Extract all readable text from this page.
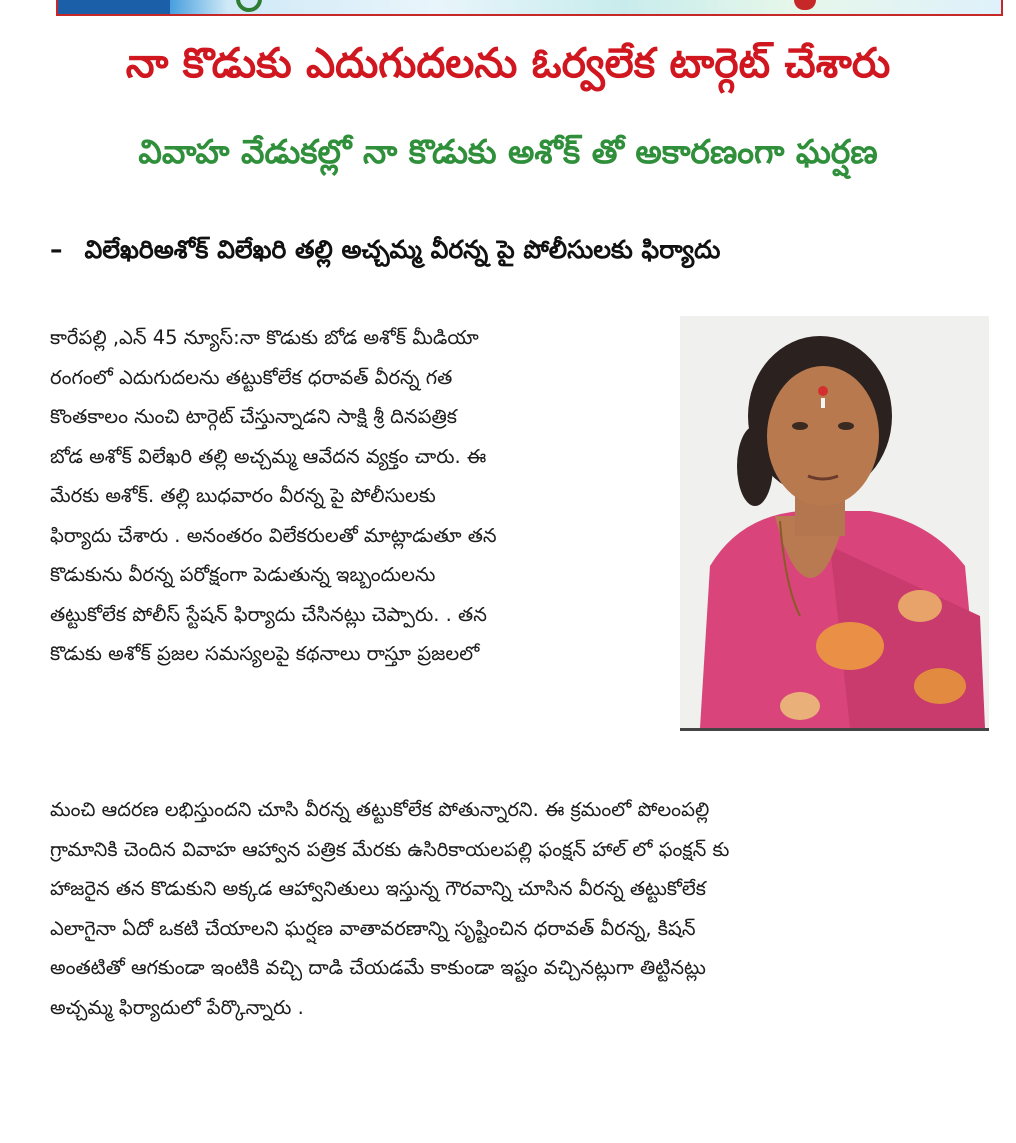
నా కొడుకు ఎదుగుదలను ఓర్వలేక టార్గెట్ చేశారు
వివాహ వేడుకల్లో నా కొడుకు అశోక్ తో అకారణంగా ఘర్షణ

– విలేఖరిఅశోక్ విలేఖరి తల్లి అచ్చమ్మ వీరన్న పై పోలీసులకు ఫిర్యాదు

కారేపల్లి ,ఎన్ 45 న్యూస్:నా కొడుకు బోడ అశోక్ మీడియా
రంగంలో ఎదుగుదలను తట్టుకోలేక ధరావత్ వీరన్న గత
కొంతకాలం నుంచి టార్గెట్ చేస్తున్నాడని సాక్షి శ్రీ దినపత్రిక
బోడ అశోక్ విలేఖరి తల్లి అచ్చమ్మ ఆవేదన వ్యక్తం చారు. ఈ
మేరకు అశోక్. తల్లి బుధవారం వీరన్న పై పోలీసులకు
ఫిర్యాదు చేశారు . అనంతరం విలేకరులతో మాట్లాడుతూ తన
కొడుకును వీరన్న పరోక్షంగా పెడుతున్న ఇబ్బందులను
తట్టుకోలేక పోలీస్ స్టేషన్ ఫిర్యాదు చేసినట్లు చెప్పారు. . తన
కొడుకు అశోక్ ప్రజల సమస్యలపై కథనాలు రాస్తూ ప్రజలలో
మంచి ఆదరణ లభిస్తుందని చూసి వీరన్న తట్టుకోలేక పోతున్నారని. ఈ క్రమంలో పోలంపల్లి
గ్రామానికి చెందిన వివాహ ఆహ్వాన పత్రిక మేరకు ఉసిరికాయలపల్లి ఫంక్షన్ హాల్ లో ఫంక్షన్ కు
హాజరైన తన కొడుకుని అక్కడ ఆహ్వానితులు ఇస్తున్న గౌరవాన్ని చూసిన వీరన్న తట్టుకోలేక
ఎలాగైనా ఏదో ఒకటి చేయాలని ఘర్షణ వాతావరణాన్ని సృష్టించిన ధరావత్ వీరన్న, కిషన్
అంతటితో ఆగకుండా ఇంటికి వచ్చి దాడి చేయడమే కాకుండా ఇష్టం వచ్చినట్లుగా తిట్టినట్లు
అచ్చమ్మ ఫిర్యాదులో పేర్కొన్నారు .
